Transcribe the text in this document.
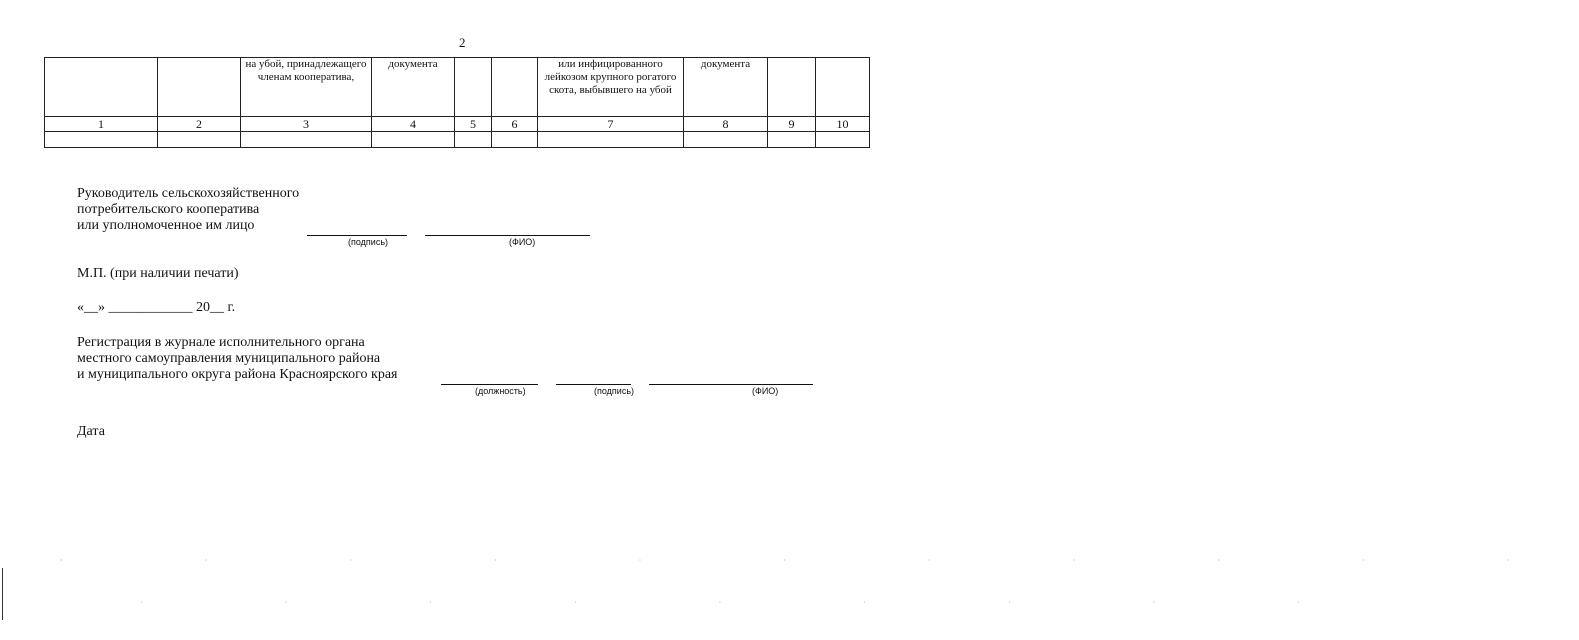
2
		на убой, принадлежащего членам кооператива,	документа			или инфицированного лейкозом крупного рогатого скота, выбывшего на убой	документа		
1	2	3	4	5	6	7	8	9	10

Руководитель сельскохозяйственного
потребительского кооператива
или уполномоченное им лицо
(подпись)	(ФИО)
М.П. (при наличии печати)
«__» ____________ 20__ г.
Регистрация в журнале исполнительного органа
местного самоуправления муниципального района
и муниципального округа района Красноярского края
(должность)	(подпись)	(ФИО)
Дата
· · · · · · · · · · ·
· · · · · · · · ·
